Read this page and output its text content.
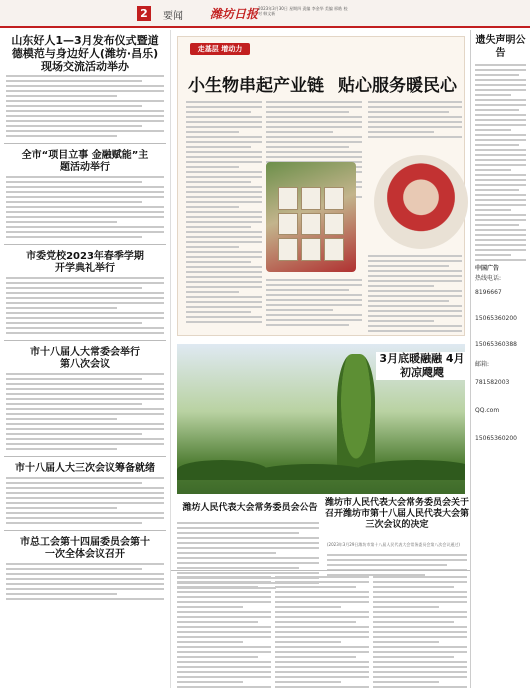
2	要闻 潍坊日报 2023年3月30日 星期四 责编 李金华 美编 邢皓 校对 韩文新
山东好人1—3月发布仪式暨道德模范与身边好人(潍坊·昌乐)现场交流活动举办
全市“项目立事 金融赋能”主题活动举行
市委党校2023年春季学期开学典礼举行
市十八届人大常委会举行第八次会议
市十八届人大三次会议筹备就绪
市总工会第十四届委员会第十一次全体会议召开
走基层 增动力
小生物串起产业链 贴心服务暖民心
潍坊人民代表大会常务委员会公告 潍坊市人民代表大会常务委员会关于召开潍坊市第十八届人民代表大会第三次会议的决定
(2023年3月29日潍坊市第十八届人民代表大会常务委员会第八次会议通过)
遗失声明公告
中国广告
热线电话:
8196667
15065360200
15065360388
邮箱:
781582003
QQ.com
15065360200
3月底暖融融 4月初凉飕飕
